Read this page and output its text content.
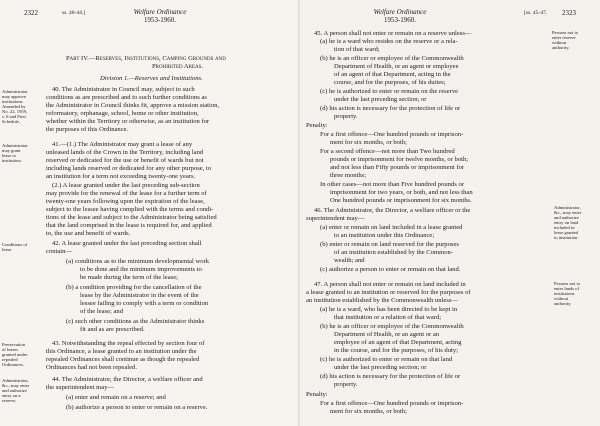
2322	ss. 40-44.]	Welfare Ordinance
1953-1960.
Part IV.—Reserves, Institutions, Camping Grounds and
Prohibited Areas.
Division 1.—Reserves and Institutions.
Administrator
may approve
institutions.
Amended by
No. 22, 1959,
s. 6 and First
Schedule.
40. The Administrator in Council may, subject to such
conditions as are prescribed and to such further conditions as
the Administrator in Council thinks fit, approve a mission station,
reformatory, orphanage, school, home or other institution,
whether within the Territory or otherwise, as an institution for
the purposes of this Ordinance.
Administrator
may grant
lease to
institution.
41.—(1.) The Administrator may grant a lease of any
unleased lands of the Crown in the Territory, including land
reserved or dedicated for the use or benefit of wards but not
including lands reserved or dedicated for any other purpose, to
an institution for a term not exceeding twenty-one years.
(2.) A lease granted under the last preceding sub-section
may provide for the renewal of the lease for a further term of
twenty-one years following upon the expiration of the lease,
subject to the lessee having complied with the terms and condi-
tions of the lease and subject to the Administrator being satisfied
that the land comprised in the lease is required for, and applied
to, the use and benefit of wards.
Conditions of
lease.
42. A lease granted under the last preceding section shall
contain—
(a) conditions as to the minimum developmental work
to be done and the minimum improvements to
be made during the term of the lease;
(b) a condition providing for the cancellation of the
lease by the Administrator in the event of the
lessee failing to comply with a term or condition
of the lease; and
(c) such other conditions as the Administrator thinks
fit and as are prescribed.
Preservation
of leases
granted under
repealed
Ordinances.
43. Notwithstanding the repeal effected by section four of
this Ordinance, a lease granted to an institution under the
repealed Ordinances shall continue as though the repealed
Ordinances had not been repealed.
Administrator,
&c., may enter
and authorize
entry on a
reserve.
44. The Administrator, the Director, a welfare officer and
the superintendent may—
(a) enter and remain on a reserve; and
(b) authorize a person to enter or remain on a reserve.
Welfare Ordinance
1953-1960.
[ss. 45-47. 2323
Persons not to
enter reserve
without
authority.
45. A person shall not enter or remain on a reserve unless—
(a) he is a ward who resides on the reserve or a rela-
tion of that ward;
(b) he is an officer or employee of the Commonwealth
Department of Health, or an agent or employee
of an agent of that Department, acting in the
course, and for the purposes, of his duties;
(c) he is authorized to enter or remain on the reserve
under the last preceding section; or
(d) his action is necessary for the protection of life or
property.
Penalty:
For a first offence—One hundred pounds or imprison-
ment for six months, or both;
For a second offence—not more than Two hundred
pounds or imprisonment for twelve months, or both;
and not less than Fifty pounds or imprisonment for
three months;
In other cases—not more than Five hundred pounds or
imprisonment for two years, or both, and not less than
One hundred pounds or imprisonment for six months.
Administrator,
&c., may enter
and authorize
entry on land
included in
lease granted
to institution.
46. The Administrator, the Director, a welfare officer or the
superintendent may—
(a) enter or remain on land included in a lease granted
to an institution under this Ordinance;
(b) enter or remain on land reserved for the purposes
of an institution established by the Common-
wealth; and
(c) authorize a person to enter or remain on that land.
Persons not to
enter lands of
institutions
without
authority.
47. A person shall not enter or remain on land included in
a lease granted to an institution or reserved for the purposes of
an institution established by the Commonwealth unless—
(a) he is a ward, who has been directed to be kept in
that institution or a relation of that ward;
(b) he is an officer or employee of the Commonwealth
Department of Health, or an agent or an
employee of an agent of that Department, acting
in the course, and for the purposes, of his duty;
(c) he is authorized to enter or remain on that land
under the last preceding section; or
(d) his action is necessary for the protection of life or
property.
Penalty:
For a first offence—One hundred pounds or imprison-
ment for six months, or both;
